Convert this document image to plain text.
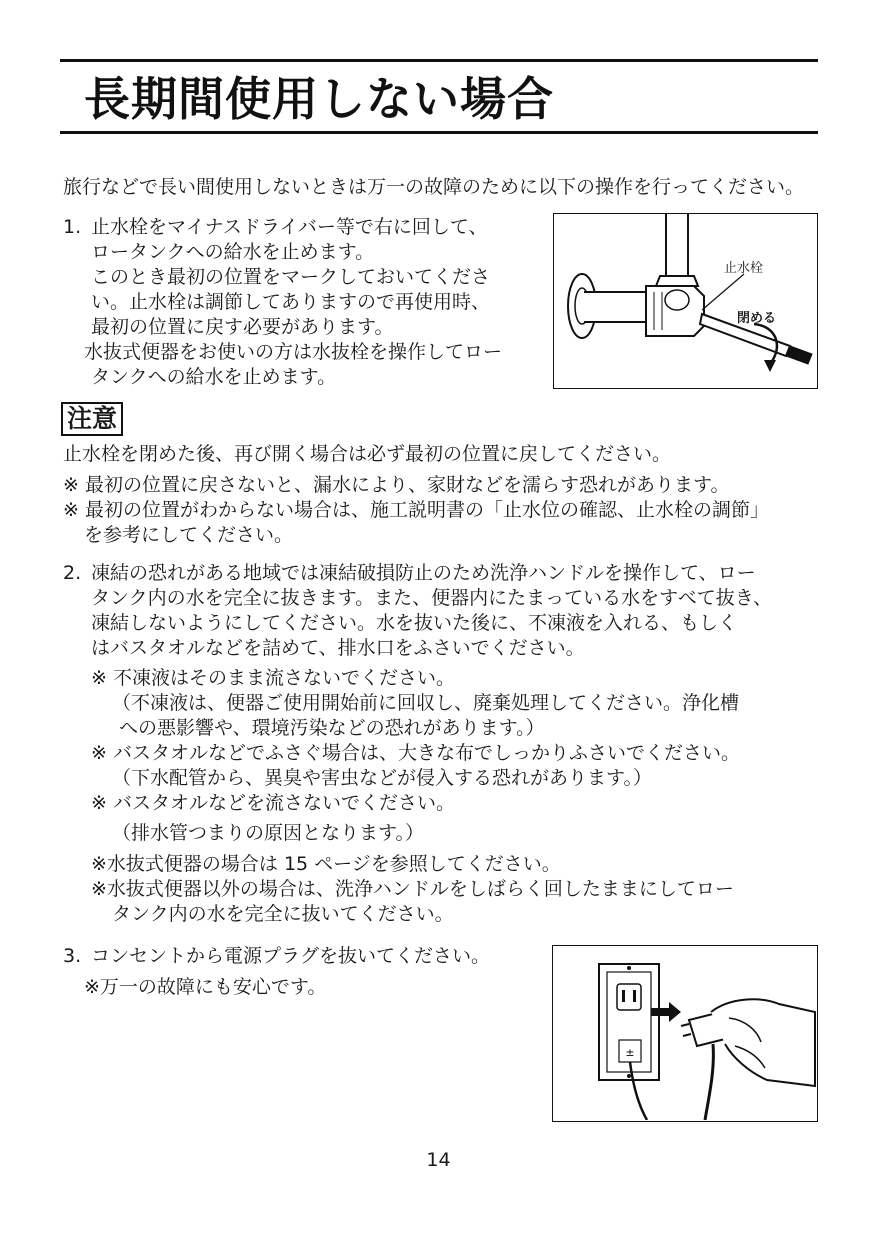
長期間使用しない場合
旅行などで長い間使用しないときは万一の故障のために以下の操作を行ってください。
1. 止水栓をマイナスドライバー等で右に回して、
ロータンクへの給水を止めます。
このとき最初の位置をマークしておいてくださ
い。止水栓は調節してありますので再使用時、
最初の位置に戻す必要があります。
水抜式便器をお使いの方は水抜栓を操作してロー
タンクへの給水を止めます。
止水栓
閉める
注意
止水栓を閉めた後、再び開く場合は必ず最初の位置に戻してください。
※ 最初の位置に戻さないと、漏水により、家財などを濡らす恐れがあります。
※ 最初の位置がわからない場合は、施工説明書の「止水位の確認、止水栓の調節」
を参考にしてください。
2. 凍結の恐れがある地域では凍結破損防止のため洗浄ハンドルを操作して、ロー
タンク内の水を完全に抜きます。また、便器内にたまっている水をすべて抜き、
凍結しないようにしてください。水を抜いた後に、不凍液を入れる、もしく
はバスタオルなどを詰めて、排水口をふさいでください。
※ 不凍液はそのまま流さないでください。
（不凍液は、便器ご使用開始前に回収し、廃棄処理してください。浄化槽
への悪影響や、環境汚染などの恐れがあります。）
※ バスタオルなどでふさぐ場合は、大きな布でしっかりふさいでください。
（下水配管から、異臭や害虫などが侵入する恐れがあります。）
※ バスタオルなどを流さないでください。
（排水管つまりの原因となります。）
※水抜式便器の場合は 15 ページを参照してください。
※水抜式便器以外の場合は、洗浄ハンドルをしばらく回したままにしてロー
タンク内の水を完全に抜いてください。
3. コンセントから電源プラグを抜いてください。
※万一の故障にも安心です。
±
14
